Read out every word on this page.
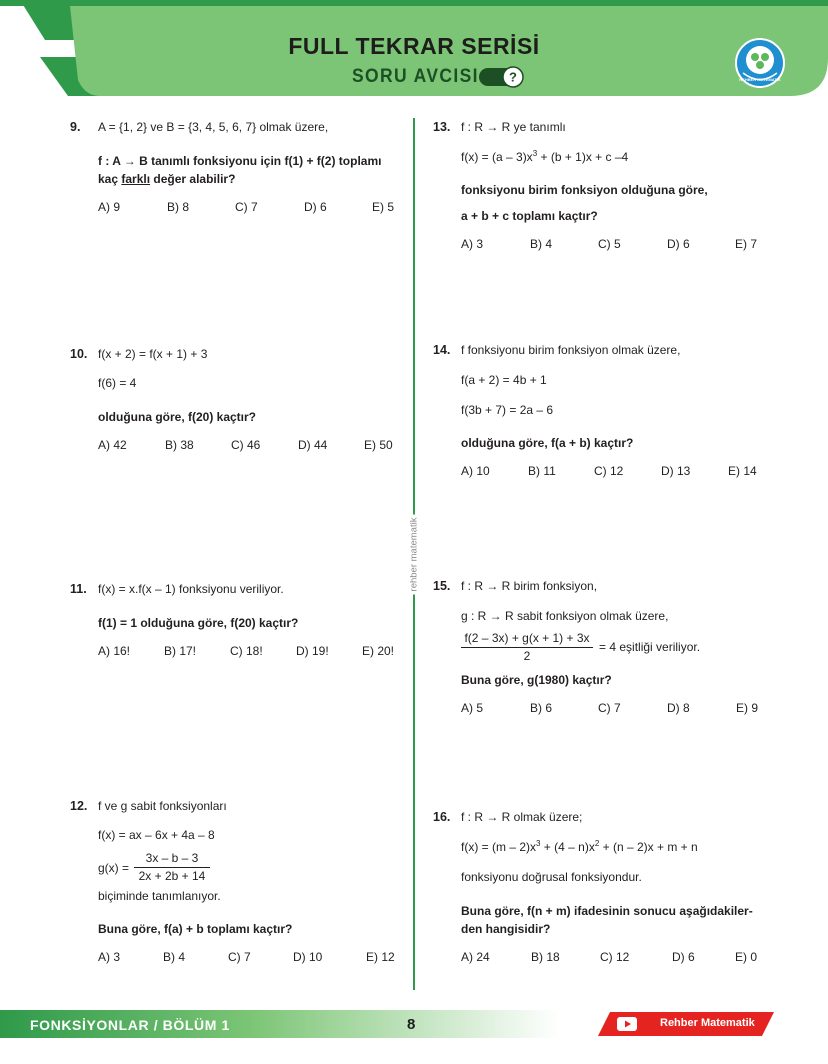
FULL TEKRAR SERİSİ
SORU AVCISI ?	REHBER MATEMATİK
rehber matematik
9. A = {1, 2} ve B = {3, 4, 5, 6, 7} olmak üzere,
f : A → B tanımlı fonksiyonu için f(1) + f(2) toplamı
kaç farklı değer alabilir?
A) 9	B) 8	C) 7	D) 6	E) 5
10. f(x + 2) = f(x + 1) + 3
f(6) = 4
olduğuna göre, f(20) kaçtır?
A) 42	B) 38	C) 46	D) 44	E) 50
11. f(x) = x.f(x – 1) fonksiyonu veriliyor.
f(1) = 1 olduğuna göre, f(20) kaçtır?
A) 16!	B) 17!	C) 18!	D) 19!	E) 20!
12. f ve g sabit fonksiyonları
f(x) = ax – 6x + 4a – 8
g(x) =
3x – b – 3
2x + 2b + 14
biçiminde tanımlanıyor.
Buna göre, f(a) + b toplamı kaçtır?
A) 3	B) 4	C) 7	D) 10	E) 12
13. f : R → R ye tanımlı
$f(x) = (a - 3)x^3 + (b + 1)x + c$ –4
fonksiyonu birim fonksiyon olduğuna göre,
a + b + c toplamı kaçtır?
A) 3	B) 4	C) 5	D) 6	E) 7
14. f fonksiyonu birim fonksiyon olmak üzere,
f(a + 2) = 4b + 1
f(3b + 7) = 2a – 6
olduğuna göre, f(a + b) kaçtır?
A) 10	B) 11	C) 12	D) 13	E) 14
15. f : R → R birim fonksiyon,
g : R → R sabit fonksiyon olmak üzere,
f(2 – 3x) + g(x + 1) + 3x
2
= 4 eşitliği veriliyor.
Buna göre, g(1980) kaçtır?
A) 5	B) 6	C) 7	D) 8	E) 9
16. f : R → R olmak üzere;
$f(x) = (m - 2)x^3 + (4 - n)x^2 + (n - 2)x + m + n$
fonksiyonu doğrusal fonksiyondur.
Buna göre, f(n + m) ifadesinin sonucu aşağıdakiler-
den hangisidir?
A) 24	B) 18	C) 12	D) 6	E) 0
FONKSİYONLAR / BÖLÜM 1	8	Rehber Matematik
